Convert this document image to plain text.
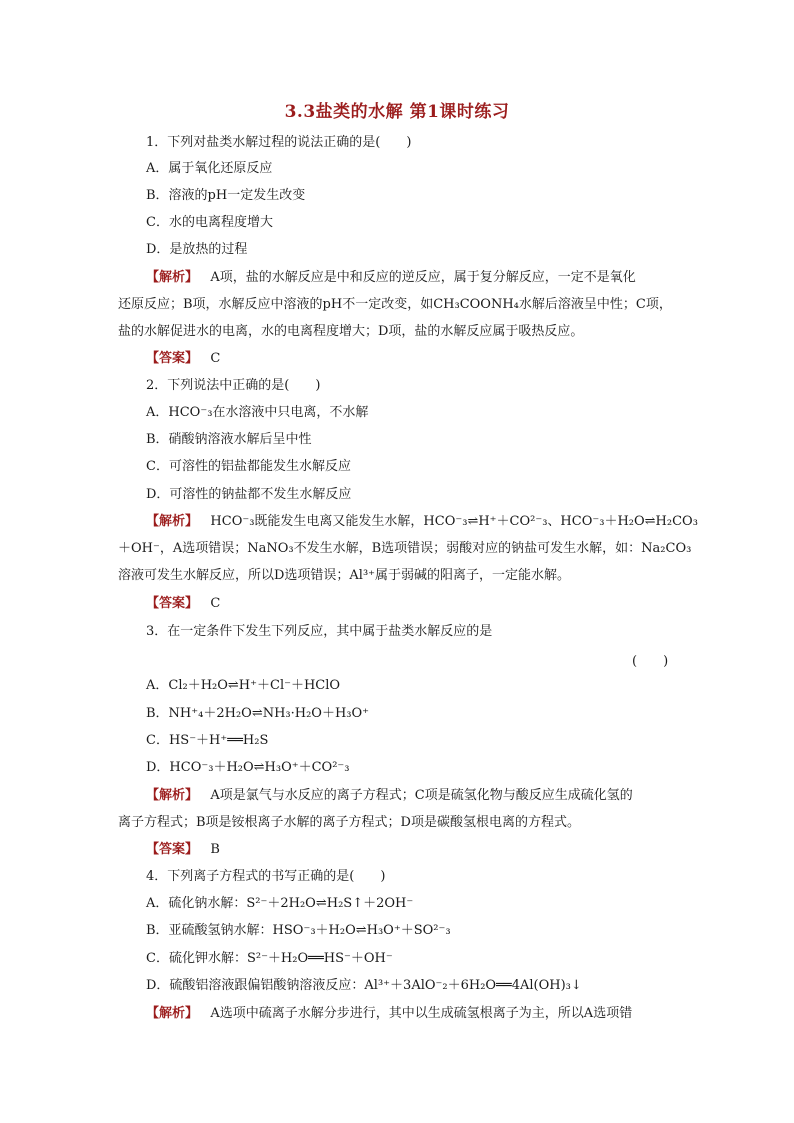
3.3盐类的水解 第1课时练习
1．下列对盐类水解过程的说法正确的是(　　)
A．属于氧化还原反应
B．溶液的pH一定发生改变
C．水的电离程度增大
D．是放热的过程
【解析】 A项，盐的水解反应是中和反应的逆反应，属于复分解反应，一定不是氧化
还原反应；B项，水解反应中溶液的pH不一定改变，如CH₃COONH₄水解后溶液呈中性；C项，
盐的水解促进水的电离，水的电离程度增大；D项，盐的水解反应属于吸热反应。
【答案】 C
2．下列说法中正确的是(　　)
A．HCO⁻₃在水溶液中只电离，不水解
B．硝酸钠溶液水解后呈中性
C．可溶性的铝盐都能发生水解反应
D．可溶性的钠盐都不发生水解反应
【解析】 HCO⁻₃既能发生电离又能发生水解，HCO⁻₃⇌H⁺＋CO²⁻₃、HCO⁻₃＋H₂O⇌H₂CO₃
＋OH⁻，A选项错误；NaNO₃不发生水解，B选项错误；弱酸对应的钠盐可发生水解，如：Na₂CO₃
溶液可发生水解反应，所以D选项错误；Al³⁺属于弱碱的阳离子，一定能水解。
【答案】 C
3．在一定条件下发生下列反应，其中属于盐类水解反应的是
(　　)
A．Cl₂＋H₂O⇌H⁺＋Cl⁻＋HClO
B．NH⁺₄＋2H₂O⇌NH₃·H₂O＋H₃O⁺
C．HS⁻＋H⁺══H₂S
D．HCO⁻₃＋H₂O⇌H₃O⁺＋CO²⁻₃
【解析】 A项是氯气与水反应的离子方程式；C项是硫氢化物与酸反应生成硫化氢的
离子方程式；B项是铵根离子水解的离子方程式；D项是碳酸氢根电离的方程式。
【答案】 B
4．下列离子方程式的书写正确的是(　　)
A．硫化钠水解：S²⁻＋2H₂O⇌H₂S↑＋2OH⁻
B．亚硫酸氢钠水解：HSO⁻₃＋H₂O⇌H₃O⁺＋SO²⁻₃
C．硫化钾水解：S²⁻＋H₂O══HS⁻＋OH⁻
D．硫酸铝溶液跟偏铝酸钠溶液反应：Al³⁺＋3AlO⁻₂＋6H₂O══4Al(OH)₃↓
【解析】 A选项中硫离子水解分步进行，其中以生成硫氢根离子为主，所以A选项错
